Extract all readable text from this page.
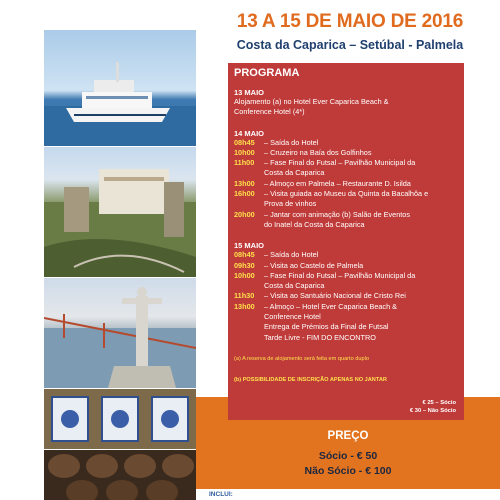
13 A 15 DE MAIO DE 2016
Costa da Caparica – Setúbal - Palmela
PROGRAMA
13 MAIO
Alojamento (a) no Hotel Ever Caparica Beach &
Conference Hotel (4*)
14 MAIO
08h45	– Saída do Hotel
10h00	– Cruzeiro na Baía dos Golfinhos
11h00	– Fase Final do Futsal – Pavilhão Municipal da
Costa da Caparica
13h00	– Almoço em Palmela – Restaurante D. Isilda
16h00	– Visita guiada ao Museu da Quinta da Bacalhôa e
Prova de vinhos
20h00	– Jantar com animação (b) Salão de Eventos
do Inatel da Costa da Caparica
15 MAIO
08h45	– Saída do Hotel
09h30	– Visita ao Castelo de Palmela
10h00	– Fase Final do Futsal – Pavilhão Municipal da
Costa da Caparica
11h30	– Visita ao Santuário Nacional de Cristo Rei
13h00	– Almoço – Hotel Ever Caparica Beach &
Conference Hotel
Entrega de Prémios da Final de Futsal
Tarde Livre - FIM DO ENCONTRO
(a) A reserva de alojamento será feita em quarto duplo
(b) POSSIBILIDADE DE INSCRIÇÃO APENAS NO JANTAR
€ 25 – Sócio
€ 30 – Não Sócio
PREÇO
Sócio - € 50
Não Sócio - € 100
INCLUI:
